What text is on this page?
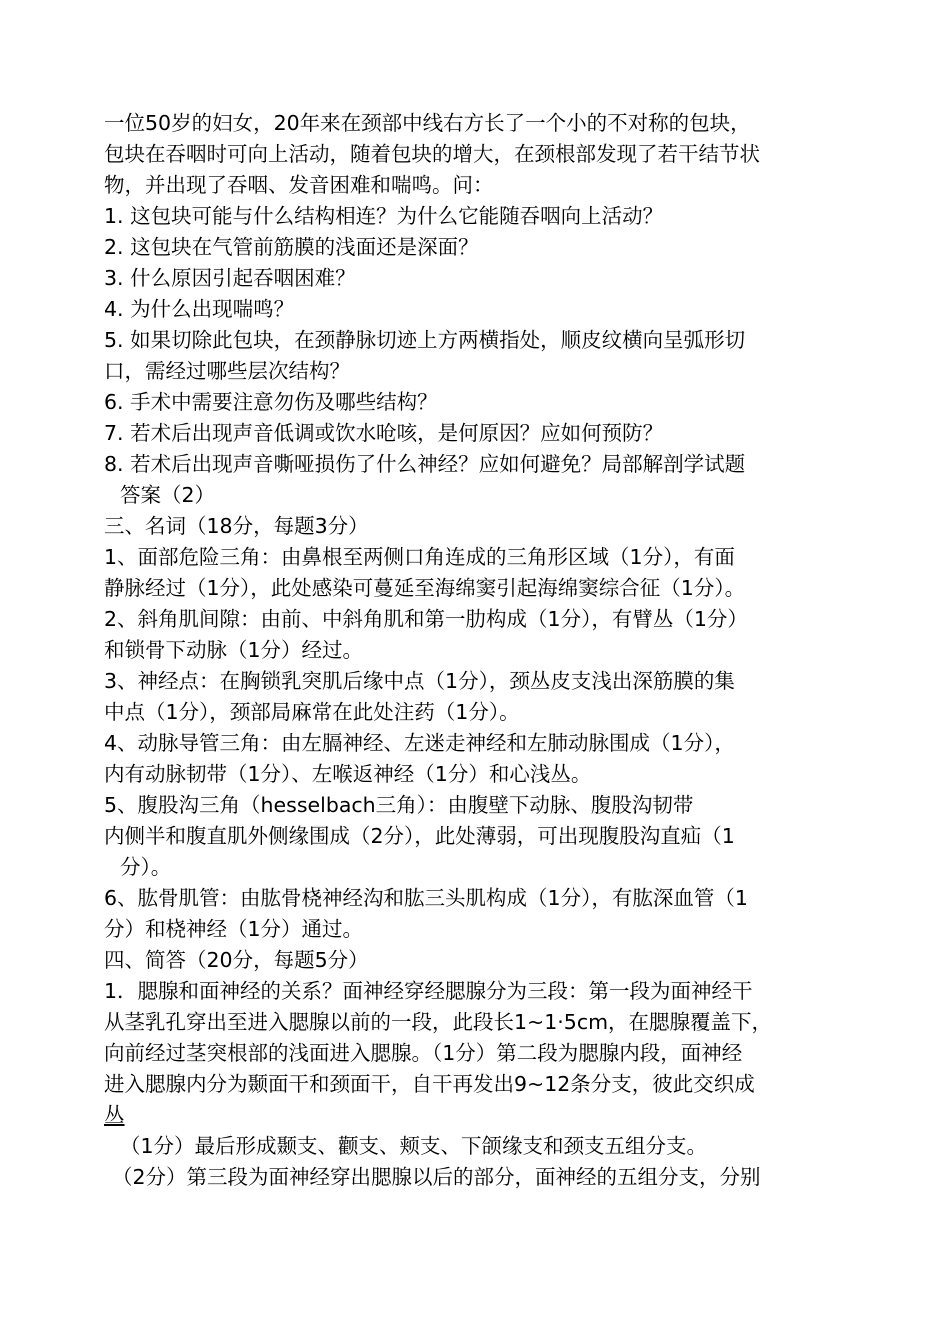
一位50岁的妇女，20年来在颈部中线右方长了一个小的不对称的包块，
包块在吞咽时可向上活动，随着包块的增大，在颈根部发现了若干结节状
物，并出现了吞咽、发音困难和喘鸣。问：
1. 这包块可能与什么结构相连？为什么它能随吞咽向上活动？
2. 这包块在气管前筋膜的浅面还是深面？
3. 什么原因引起吞咽困难？
4. 为什么出现喘鸣？
5. 如果切除此包块，在颈静脉切迹上方两横指处，顺皮纹横向呈弧形切
口，需经过哪些层次结构？
6. 手术中需要注意勿伤及哪些结构？
7. 若术后出现声音低调或饮水呛咳，是何原因？应如何预防？
8. 若术后出现声音嘶哑损伤了什么神经？应如何避免？局部解剖学试题
答案（2）
三、名词（18分，每题3分）
1、面部危险三角：由鼻根至两侧口角连成的三角形区域（1分），有面
静脉经过（1分），此处感染可蔓延至海绵窦引起海绵窦综合征（1分）。
2、斜角肌间隙：由前、中斜角肌和第一肋构成（1分），有臂丛（1分）
和锁骨下动脉（1分）经过。
3、神经点：在胸锁乳突肌后缘中点（1分），颈丛皮支浅出深筋膜的集
中点（1分），颈部局麻常在此处注药（1分）。
4、动脉导管三角：由左膈神经、左迷走神经和左肺动脉围成（1分），
内有动脉韧带（1分）、左喉返神经（1分）和心浅丛。
5、腹股沟三角（hesselbach三角）：由腹壁下动脉、腹股沟韧带
内侧半和腹直肌外侧缘围成（2分），此处薄弱，可出现腹股沟直疝（1
分）。
6、肱骨肌管：由肱骨桡神经沟和肱三头肌构成（1分），有肱深血管（1
分）和桡神经（1分）通过。
四、简答（20分，每题5分）
1．腮腺和面神经的关系？面神经穿经腮腺分为三段：第一段为面神经干
从茎乳孔穿出至进入腮腺以前的一段，此段长1~1·5cm，在腮腺覆盖下，
向前经过茎突根部的浅面进入腮腺。（1分）第二段为腮腺内段，面神经
进入腮腺内分为颞面干和颈面干，自干再发出9~12条分支，彼此交织成
丛
（1分）最后形成颞支、颧支、颊支、下颌缘支和颈支五组分支。
（2分）第三段为面神经穿出腮腺以后的部分，面神经的五组分支，分别
